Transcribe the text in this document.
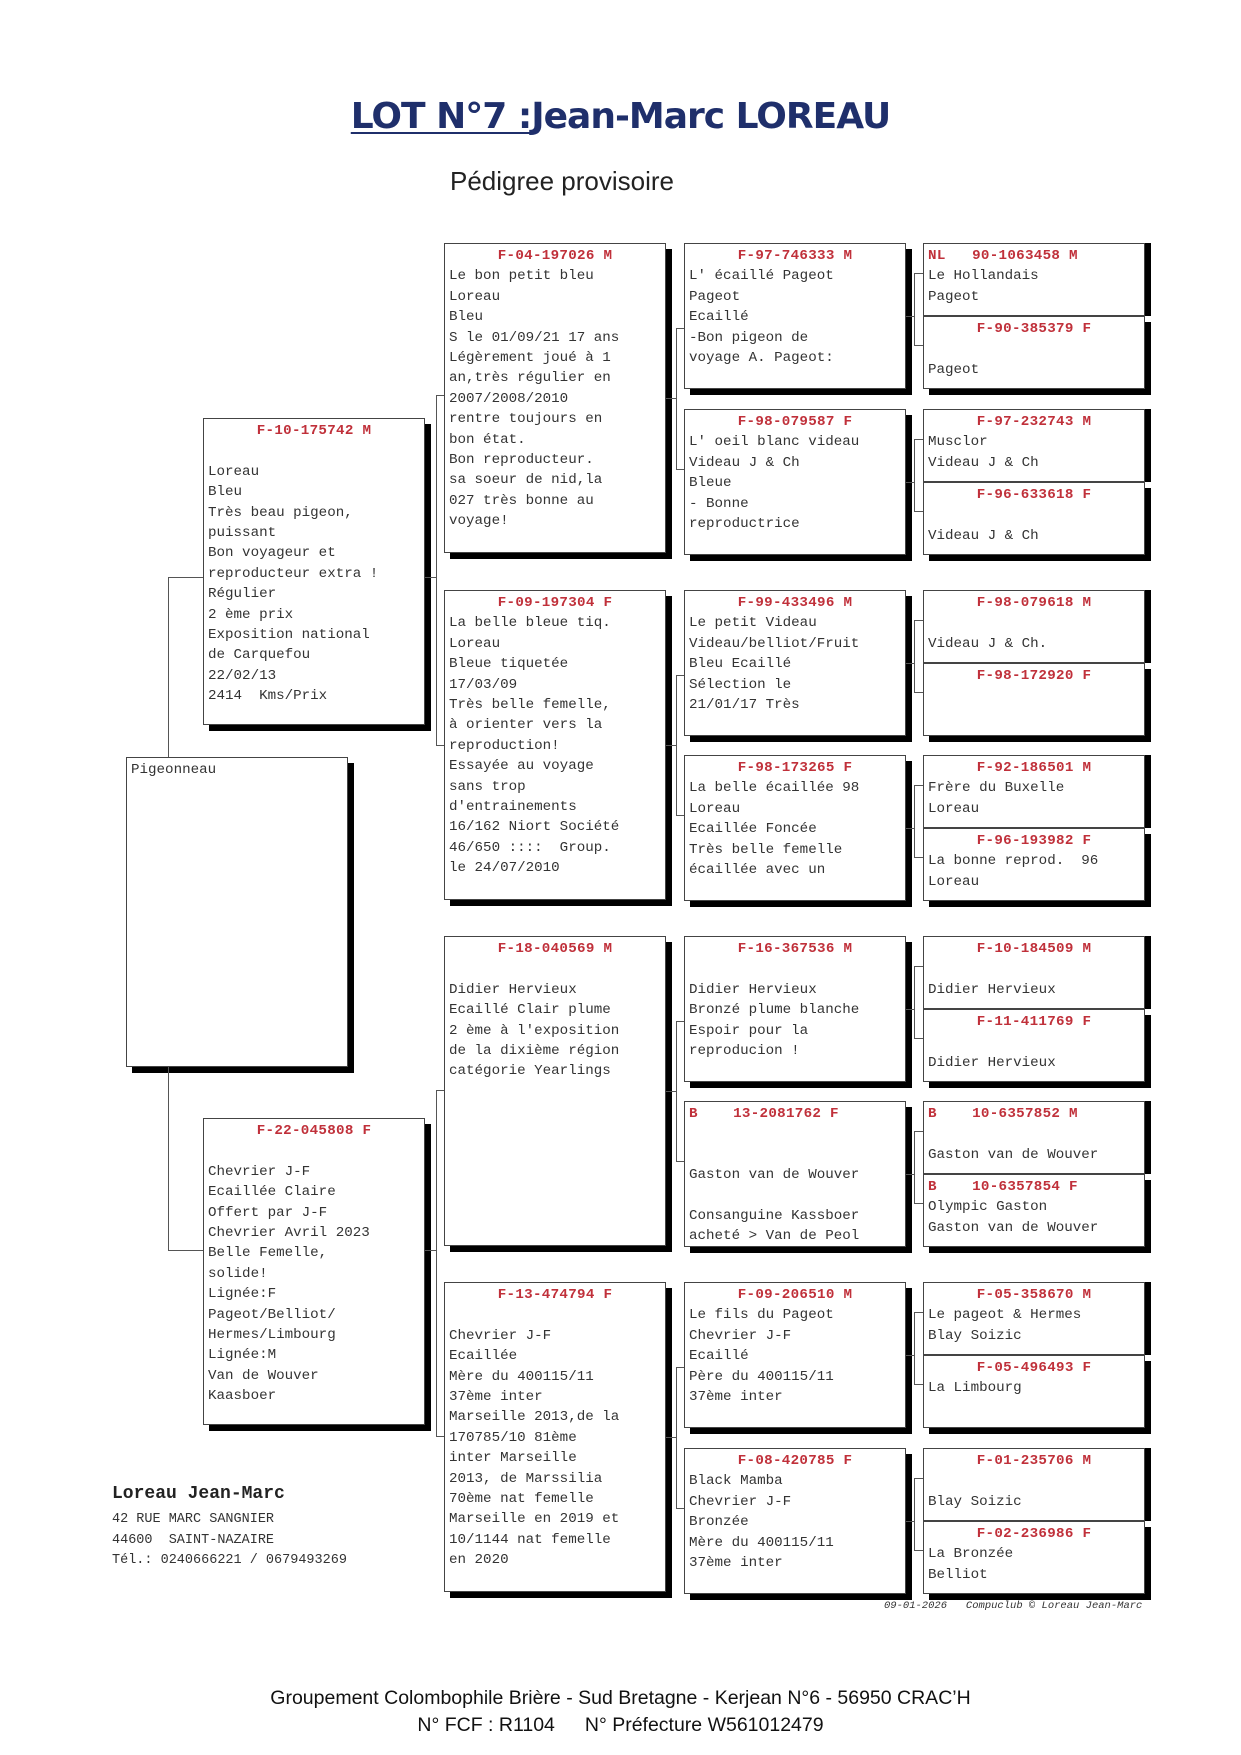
LOT N°7 :Jean-Marc LOREAU
Pédigree provisoire
Pigeonneau
F-10-175742 M

Loreau
Bleu
Très beau pigeon,
puissant
Bon voyageur et
reproducteur extra !
Régulier
2 ème prix
Exposition national
de Carquefou
22/02/13
2414  Kms/Prix
F-22-045808 F

Chevrier J-F
Ecaillée Claire
Offert par J-F
Chevrier Avril 2023
Belle Femelle,
solide!
Lignée:F
Pageot/Belliot/
Hermes/Limbourg
Lignée:M
Van de Wouver
Kaasboer
F-04-197026 M
Le bon petit bleu
Loreau
Bleu
S le 01/09/21 17 ans
Légèrement joué à 1
an,très régulier en
2007/2008/2010
rentre toujours en
bon état.
Bon reproducteur.
sa soeur de nid,la
027 très bonne au
voyage!
F-09-197304 F
La belle bleue tiq.
Loreau
Bleue tiquetée
17/03/09
Très belle femelle,
à orienter vers la
reproduction!
Essayée au voyage
sans trop
d'entrainements
16/162 Niort Société
46/650 ::::  Group.
le 24/07/2010
F-18-040569 M

Didier Hervieux
Ecaillé Clair plume
2 ème à l'exposition
de la dixième région
catégorie Yearlings
F-13-474794 F

Chevrier J-F
Ecaillée
Mère du 400115/11
37ème inter
Marseille 2013,de la
170785/10 81ème
inter Marseille
2013, de Marssilia
70ème nat femelle
Marseille en 2019 et
10/1144 nat femelle
en 2020
F-97-746333 M
L' écaillé Pageot
Pageot
Ecaillé
-Bon pigeon de
voyage A. Pageot:
F-98-079587 F
L' oeil blanc videau
Videau J & Ch
Bleue
- Bonne
reproductrice
F-99-433496 M
Le petit Videau
Videau/belliot/Fruit
Bleu Ecaillé
Sélection le
21/01/17 Très
F-98-173265 F
La belle écaillée 98
Loreau
Ecaillée Foncée
Très belle femelle
écaillée avec un
F-16-367536 M

Didier Hervieux
Bronzé plume blanche
Espoir pour la
reproducion !
B    13-2081762 F

Gaston van de Wouver

Consanguine Kassboer
acheté > Van de Peol
F-09-206510 M
Le fils du Pageot
Chevrier J-F
Ecaillé
Père du 400115/11
37ème inter
F-08-420785 F
Black Mamba
Chevrier J-F
Bronzée
Mère du 400115/11
37ème inter
NL   90-1063458 M
Le Hollandais
Pageot
F-90-385379 F

Pageot
F-97-232743 M
Musclor
Videau J & Ch
F-96-633618 F

Videau J & Ch
F-98-079618 M

Videau J & Ch.
F-98-172920 F
F-92-186501 M
Frère du Buxelle
Loreau
F-96-193982 F
La bonne reprod.  96
Loreau
F-10-184509 M

Didier Hervieux
F-11-411769 F

Didier Hervieux
B    10-6357852 M

Gaston van de Wouver
B    10-6357854 F
Olympic Gaston
Gaston van de Wouver
F-05-358670 M
Le pageot & Hermes
Blay Soizic
F-05-496493 F
La Limbourg
F-01-235706 M

Blay Soizic
F-02-236986 F
La Bronzée
Belliot
Loreau Jean-Marc
42 RUE MARC SANGNIER
44600  SAINT-NAZAIRE
Tél.: 0240666221 / 0679493269
09-01-2026 Compuclub © Loreau Jean-Marc
Groupement Colombophile Brière - Sud Bretagne - Kerjean N°6 - 56950 CRAC’H
N° FCF : R1104 N° Préfecture W561012479
